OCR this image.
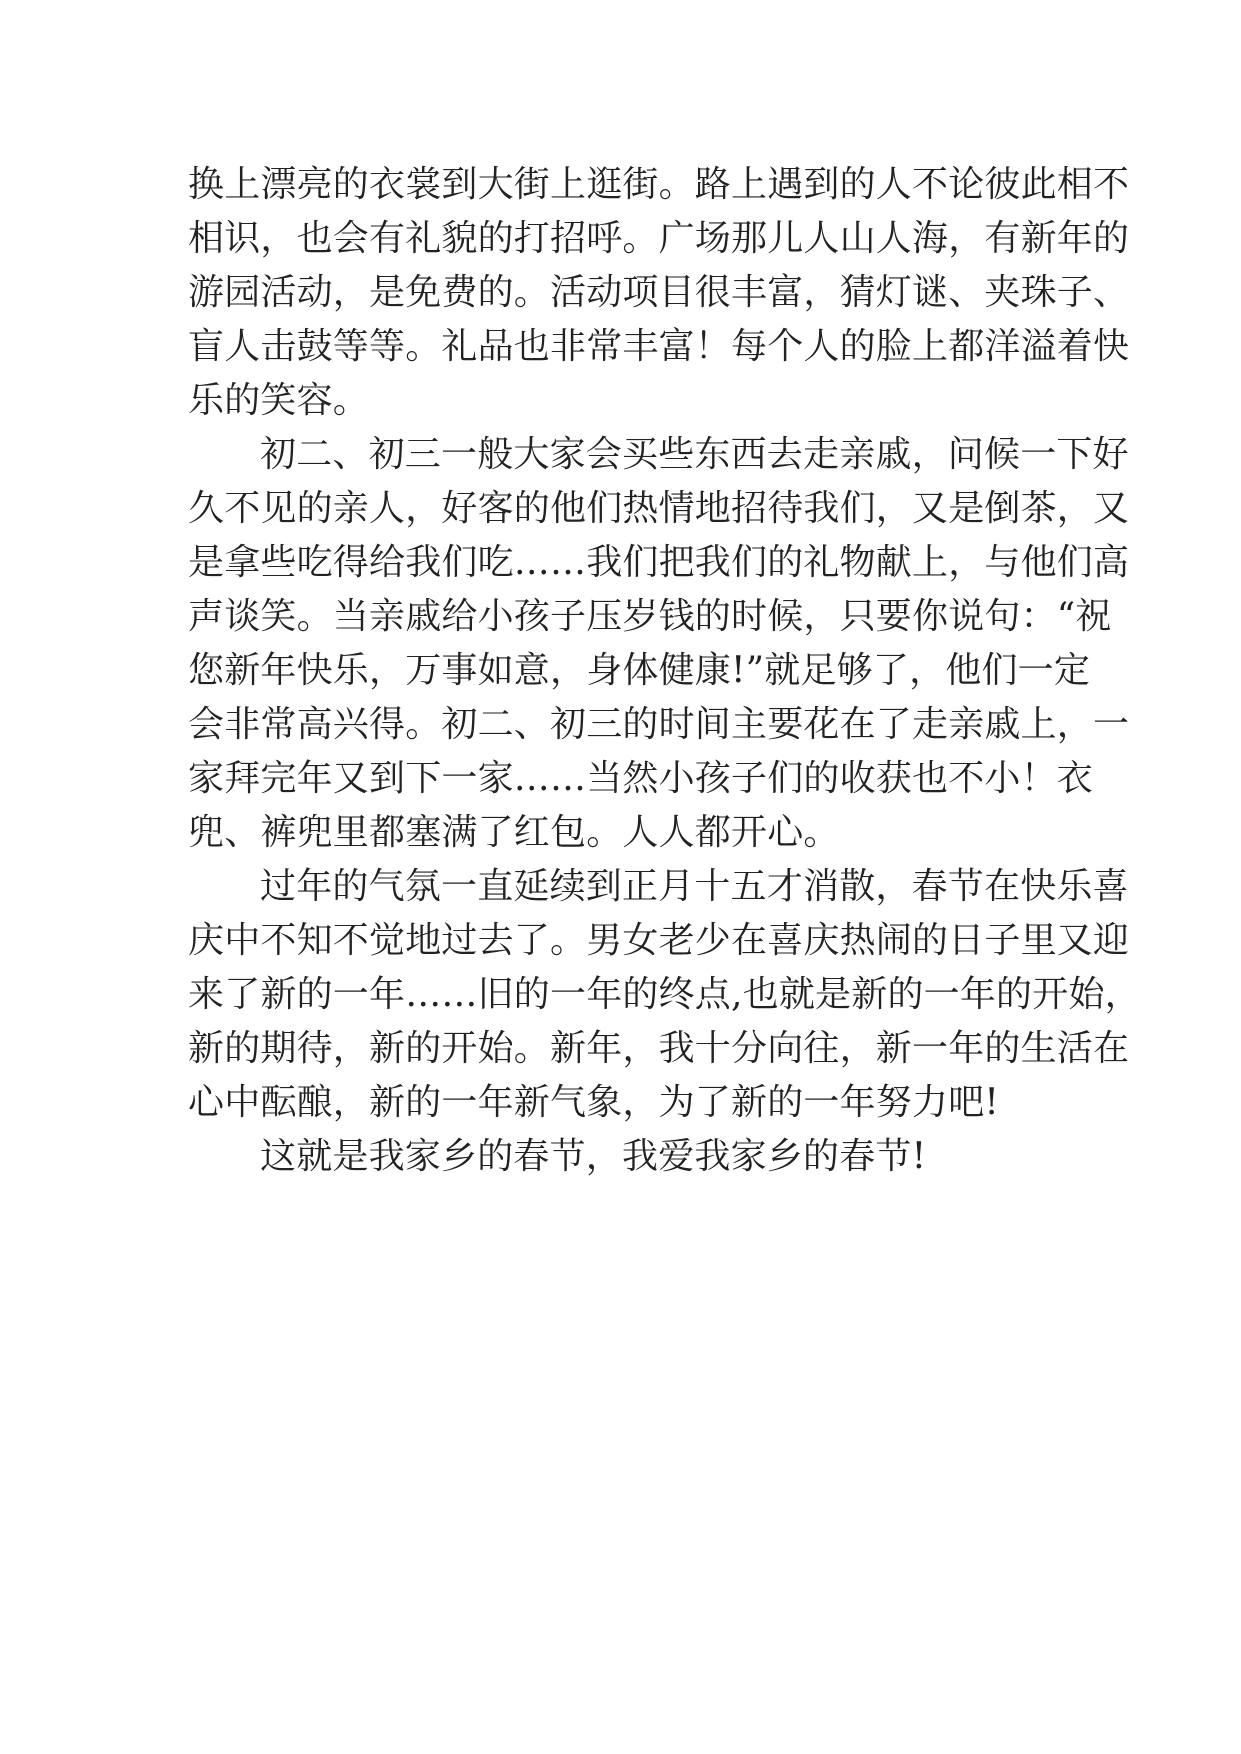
换上漂亮的衣裳到大街上逛街。路上遇到的人不论彼此相不
相识，也会有礼貌的打招呼。广场那儿人山人海，有新年的
游园活动，是免费的。活动项目很丰富，猜灯谜、夹珠子、
盲人击鼓等等。礼品也非常丰富！每个人的脸上都洋溢着快
乐的笑容。
初二、初三一般大家会买些东西去走亲戚，问候一下好
久不见的亲人，好客的他们热情地招待我们，又是倒茶，又
是拿些吃得给我们吃……我们把我们的礼物献上，与他们高
声谈笑。当亲戚给小孩子压岁钱的时候，只要你说句：“祝
您新年快乐，万事如意，身体健康!”就足够了，他们一定
会非常高兴得。初二、初三的时间主要花在了走亲戚上，一
家拜完年又到下一家……当然小孩子们的收获也不小！衣
兜、裤兜里都塞满了红包。人人都开心。
过年的气氛一直延续到正月十五才消散，春节在快乐喜
庆中不知不觉地过去了。男女老少在喜庆热闹的日子里又迎
来了新的一年……旧的一年的终点,也就是新的一年的开始，
新的期待，新的开始。新年，我十分向往，新一年的生活在
心中酝酿，新的一年新气象，为了新的一年努力吧!
这就是我家乡的春节，我爱我家乡的春节!
